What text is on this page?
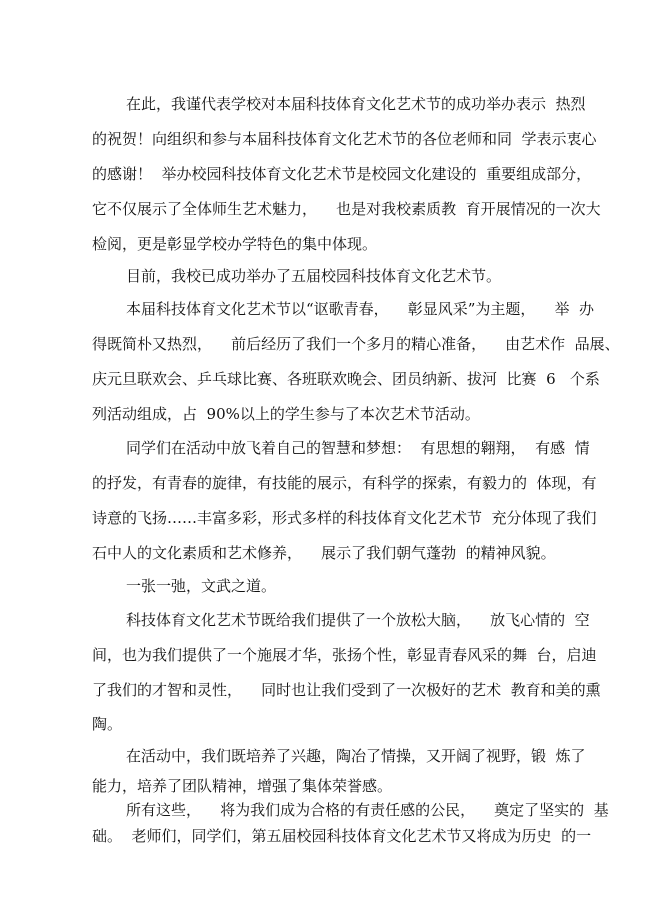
在此，我谨代表学校对本届科技体育文化艺术节的成功举办表示  热烈
的祝贺！向组织和参与本届科技体育文化艺术节的各位老师和同  学表示衷心
的感谢！  举办校园科技体育文化艺术节是校园文化建设的  重要组成部分，
它不仅展示了全体师生艺术魅力，    也是对我校素质教  育开展情况的一次大
检阅，更是彰显学校办学特色的集中体现。
目前，我校已成功举办了五届校园科技体育文化艺术节。
本届科技体育文化艺术节以“讴歌青春，    彰显风采”为主题，    举  办
得既简朴又热烈，    前后经历了我们一个多月的精心准备，    由艺术作  品展、
庆元旦联欢会、乒乓球比赛、各班联欢晚会、团员纳新、拔河  比赛  6   个系
列活动组成，占  90%以上的学生参与了本次艺术节活动。
同学们在活动中放飞着自己的智慧和梦想：  有思想的翱翔，  有感  情
的抒发，有青春的旋律，有技能的展示，有科学的探索，有毅力的  体现，有
诗意的飞扬……丰富多彩，形式多样的科技体育文化艺术节  充分体现了我们
石中人的文化素质和艺术修养，    展示了我们朝气蓬勃  的精神风貌。
一张一弛，文武之道。
科技体育文化艺术节既给我们提供了一个放松大脑，    放飞心情的  空
间，也为我们提供了一个施展才华，张扬个性，彰显青春风采的舞  台，启迪
了我们的才智和灵性，    同时也让我们受到了一次极好的艺术  教育和美的熏
陶。
在活动中，我们既培养了兴趣，陶冶了情操，又开阔了视野，锻  炼了
能力，培养了团队精神，增强了集体荣誉感。
所有这些，    将为我们成为合格的有责任感的公民，    奠定了坚实的  基
础。  老师们，同学们，第五届校园科技体育文化艺术节又将成为历史  的一
